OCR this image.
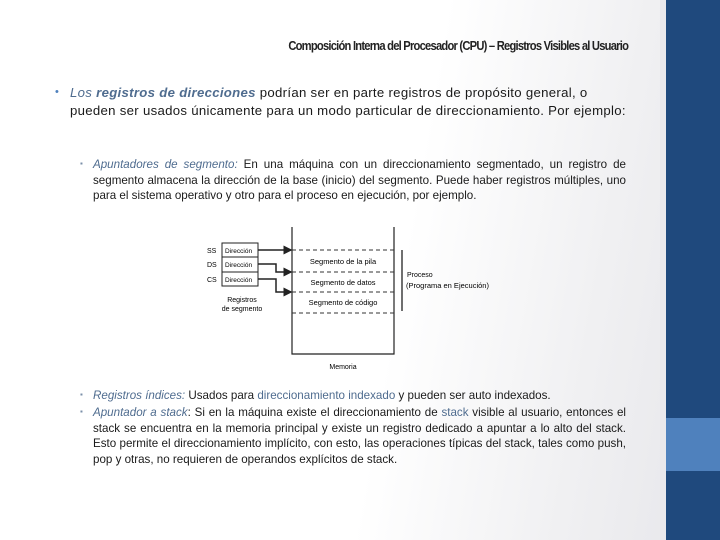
Composición Interna del Procesador (CPU) – Registros Visibles al Usuario
• Los registros de direcciones podrían ser en parte registros de propósito general, o pueden ser usados únicamente para un modo particular de direccionamiento. Por ejemplo:
▪ Apuntadores de segmento: En una máquina con un direccionamiento segmentado, un registro de segmento almacena la dirección de la base (inicio) del segmento. Puede haber registros múltiples, uno para el sistema operativo y otro para el proceso en ejecución, por ejemplo.
Segmento de la pila
Segmento de datos
Segmento de código
SS
DS
CS
Dirección
Dirección
Dirección
Registros
de segmento
Proceso
(Programa en Ejecución)
Memoria
▪ Registros índices: Usados para direccionamiento indexado y pueden ser auto indexados.
▪ Apuntador a stack: Si en la máquina existe el direccionamiento de stack visible al usuario, entonces el stack se encuentra en la memoria principal y existe un registro dedicado a apuntar a lo alto del stack. Esto permite el direccionamiento implícito, con esto, las operaciones típicas del stack, tales como push, pop y otras, no requieren de operandos explícitos de stack.
